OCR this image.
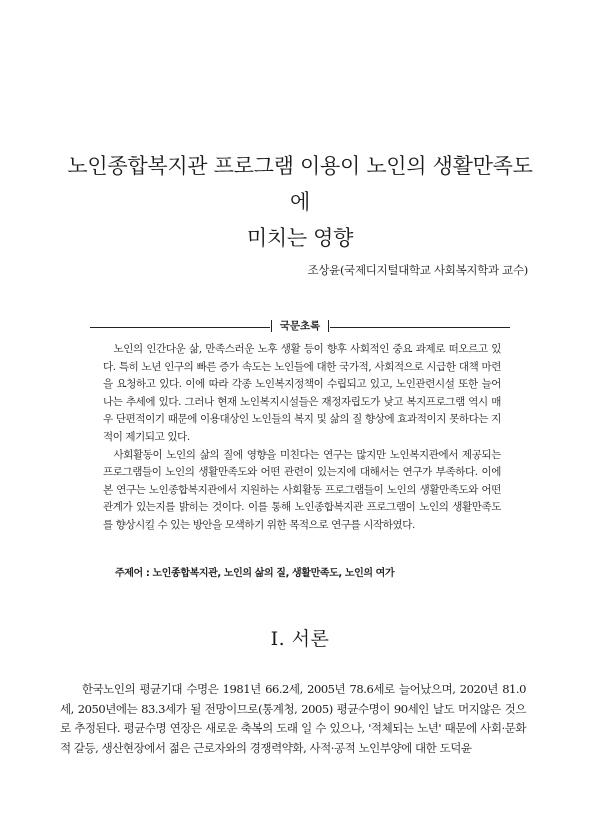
노인종합복지관 프로그램 이용이 노인의 생활만족도에
미치는 영향
조상윤(국제디지털대학교 사회복지학과 교수)
국문초록

노인의 인간다운 삶, 만족스러운 노후 생활 등이 향후 사회적인 중요 과제로 떠오르고 있다. 특히 노년 인구의 빠른 증가 속도는 노인들에 대한 국가적, 사회적으로 시급한 대책 마련을 요청하고 있다. 이에 따라 각종 노인복지정책이 수립되고 있고, 노인관련시설 또한 늘어나는 추세에 있다. 그러나 현재 노인복지시설들은 재정자립도가 낮고 복지프로그램 역시 매우 단편적이기 때문에 이용대상인 노인들의 복지 및 삶의 질 향상에 효과적이지 못하다는 지적이 제기되고 있다.

사회활동이 노인의 삶의 질에 영향을 미친다는 연구는 많지만 노인복지관에서 제공되는 프로그램들이 노인의 생활만족도와 어떤 관련이 있는지에 대해서는 연구가 부족하다. 이에 본 연구는 노인종합복지관에서 지원하는 사회활동 프로그램들이 노인의 생활만족도와 어떤 관계가 있는지를 밝히는 것이다. 이를 통해 노인종합복지관 프로그램이 노인의 생활만족도를 향상시킬 수 있는 방안을 모색하기 위한 목적으로 연구를 시작하였다.

주제어 : 노인종합복지관, 노인의 삶의 질, 생활만족도, 노인의 여가
I. 서론

한국노인의 평균기대 수명은 1981년 66.2세, 2005년 78.6세로 늘어났으며, 2020년 81.0세, 2050년에는 83.3세가 될 전망이므로(통계청, 2005) 평균수명이 90세인 날도 머지않은 것으로 추정된다. 평균수명 연장은 새로운 축복의 도래 일 수 있으나, '적체되는 노년' 때문에 사회·문화적 갈등, 생산현장에서 젊은 근로자와의 경쟁력약화, 사적·공적 노인부양에 대한 도덕윤
